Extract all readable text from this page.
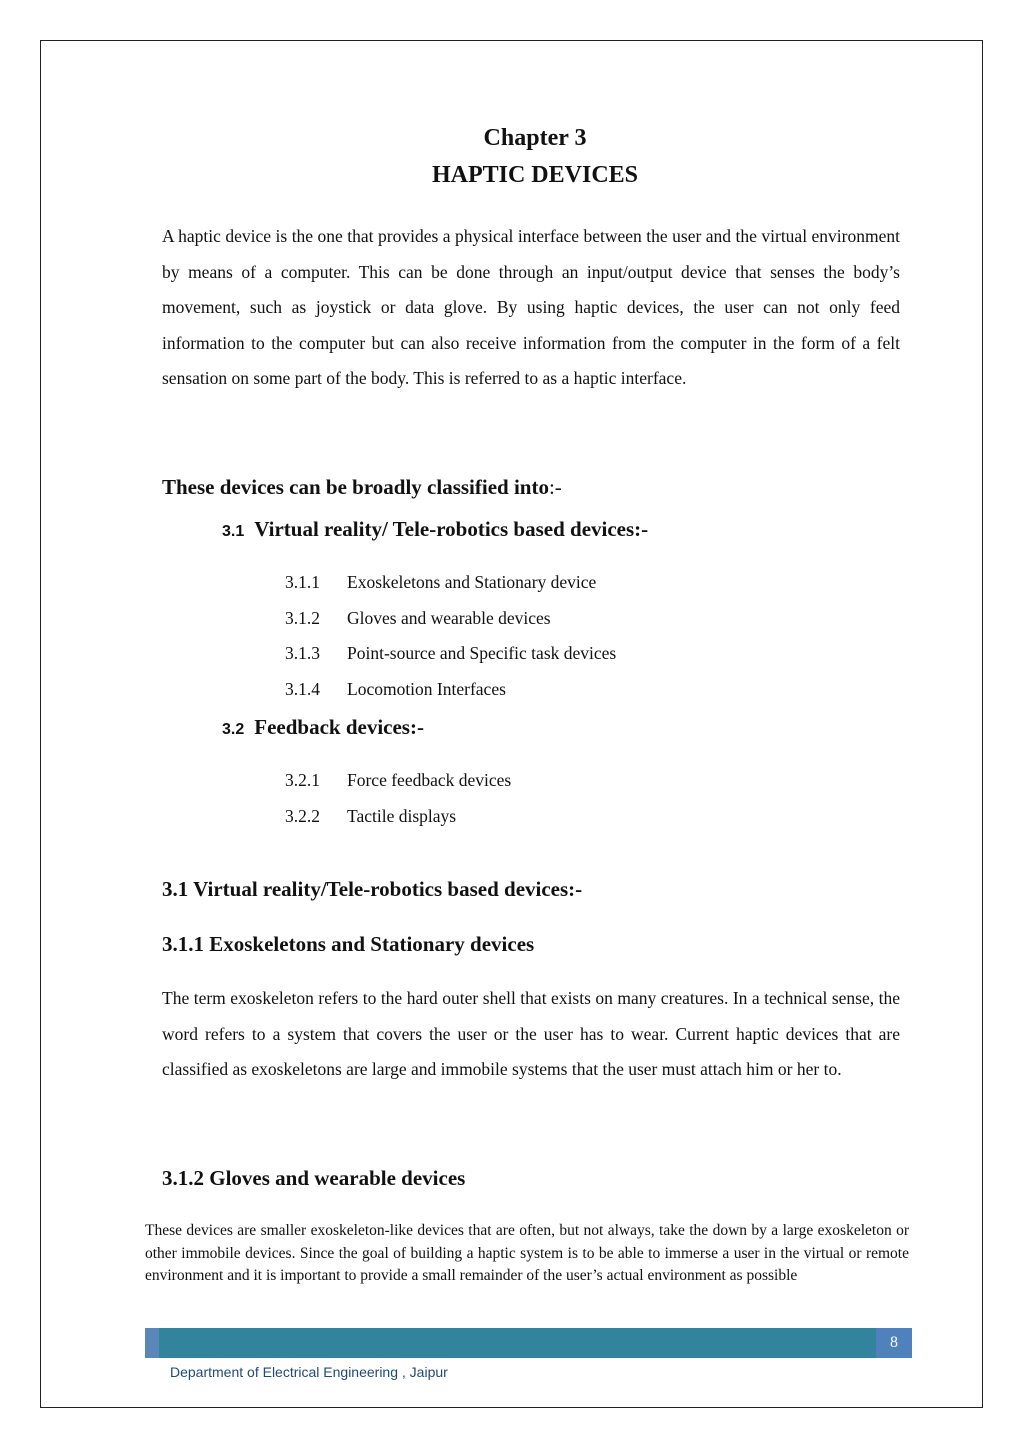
Chapter 3
HAPTIC DEVICES
A haptic device is the one that provides a physical interface between the user and the virtual environment by means of a computer. This can be done through an input/output device that senses the body’s movement, such as joystick or data glove. By using haptic devices, the user can not only feed information to the computer but can also receive information from the computer in the form of a felt sensation on some part of the body. This is referred to as a haptic interface.
These devices can be broadly classified into:-
3.1 Virtual reality/ Tele-robotics based devices:-
3.1.1 Exoskeletons and Stationary device
3.1.2 Gloves and wearable devices
3.1.3 Point-source and Specific task devices
3.1.4 Locomotion Interfaces
3.2 Feedback devices:-
3.2.1 Force feedback devices
3.2.2 Tactile displays
3.1 Virtual reality/Tele-robotics based devices:-
3.1.1 Exoskeletons and Stationary devices
The term exoskeleton refers to the hard outer shell that exists on many creatures. In a technical sense, the word refers to a system that covers the user or the user has to wear. Current haptic devices that are classified as exoskeletons are large and immobile systems that the user must attach him or her to.
3.1.2 Gloves and wearable devices
These devices are smaller exoskeleton-like devices that are often, but not always, take the down by a large exoskeleton or other immobile devices. Since the goal of building a haptic system is to be able to immerse a user in the virtual or remote environment and it is important to provide a small remainder of the user’s actual environment as possible
8
Department of Electrical Engineering , Jaipur
